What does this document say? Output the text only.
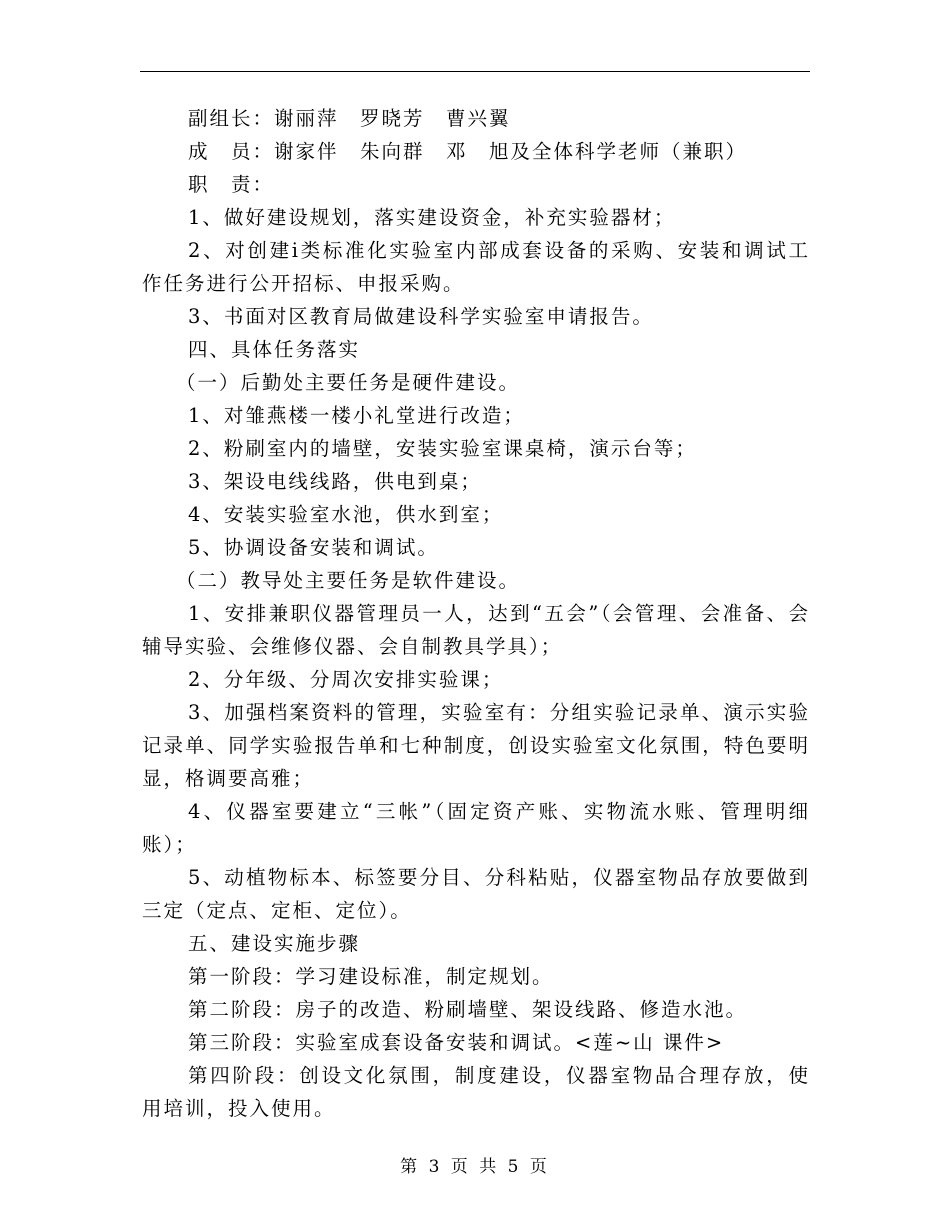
副组长：谢丽萍　罗晓芳　曹兴翼

成　员：谢家伴　朱向群　邓　旭及全体科学老师（兼职）

职　责：

1、做好建设规划，落实建设资金，补充实验器材；

2、对创建ⅰ类标准化实验室内部成套设备的采购、安装和调试工作任务进行公开招标、申报采购。

3、书面对区教育局做建设科学实验室申请报告。

四、具体任务落实

（一）后勤处主要任务是硬件建设。

1、对雏燕楼一楼小礼堂进行改造；

2、粉刷室内的墙壁，安装实验室课桌椅，演示台等；

3、架设电线线路，供电到桌；

4、安装实验室水池，供水到室；

5、协调设备安装和调试。

（二）教导处主要任务是软件建设。

1、安排兼职仪器管理员一人，达到“五会”（会管理、会准备、会辅导实验、会维修仪器、会自制教具学具）；

2、分年级、分周次安排实验课；

3、加强档案资料的管理，实验室有：分组实验记录单、演示实验记录单、同学实验报告单和七种制度，创设实验室文化氛围，特色要明显，格调要高雅；

4、仪器室要建立“三帐”（固定资产账、实物流水账、管理明细账）；

5、动植物标本、标签要分目、分科粘贴，仪器室物品存放要做到三定（定点、定柜、定位）。

五、建设实施步骤

第一阶段：学习建设标准，制定规划。

第二阶段：房子的改造、粉刷墙壁、架设线路、修造水池。

第三阶段：实验室成套设备安装和调试。<莲~山 课件>

第四阶段：创设文化氛围，制度建设，仪器室物品合理存放，使用培训，投入使用。

第 3 页 共 5 页
